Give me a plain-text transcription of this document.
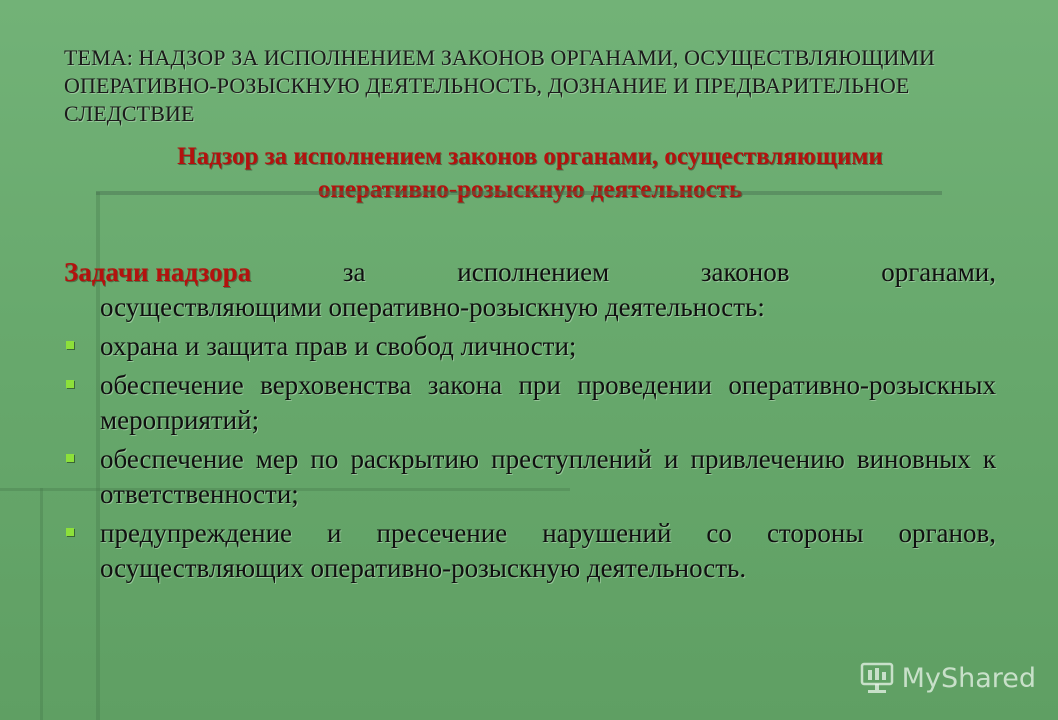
ТЕМА: НАДЗОР ЗА ИСПОЛНЕНИЕМ ЗАКОНОВ ОРГАНАМИ, ОСУЩЕСТВЛЯЮЩИМИ ОПЕРАТИВНО-РОЗЫСКНУЮ ДЕЯТЕЛЬНОСТЬ, ДОЗНАНИЕ И ПРЕДВАРИТЕЛЬНОЕ СЛЕДСТВИЕ
Надзор за исполнением законов органами, осуществляющими
оперативно-розыскную деятельность
Задачи надзора	за	исполнением	законов	органами,
осуществляющими оперативно-розыскную деятельность:
охрана и защита прав и свобод личности;
обеспечение верховенства закона при проведении оперативно-розыскных мероприятий;
обеспечение мер по раскрытию преступлений и привлечению виновных к ответственности;
предупреждение и пресечение нарушений со стороны органов, осуществляющих оперативно-розыскную деятельность.
MyShared
